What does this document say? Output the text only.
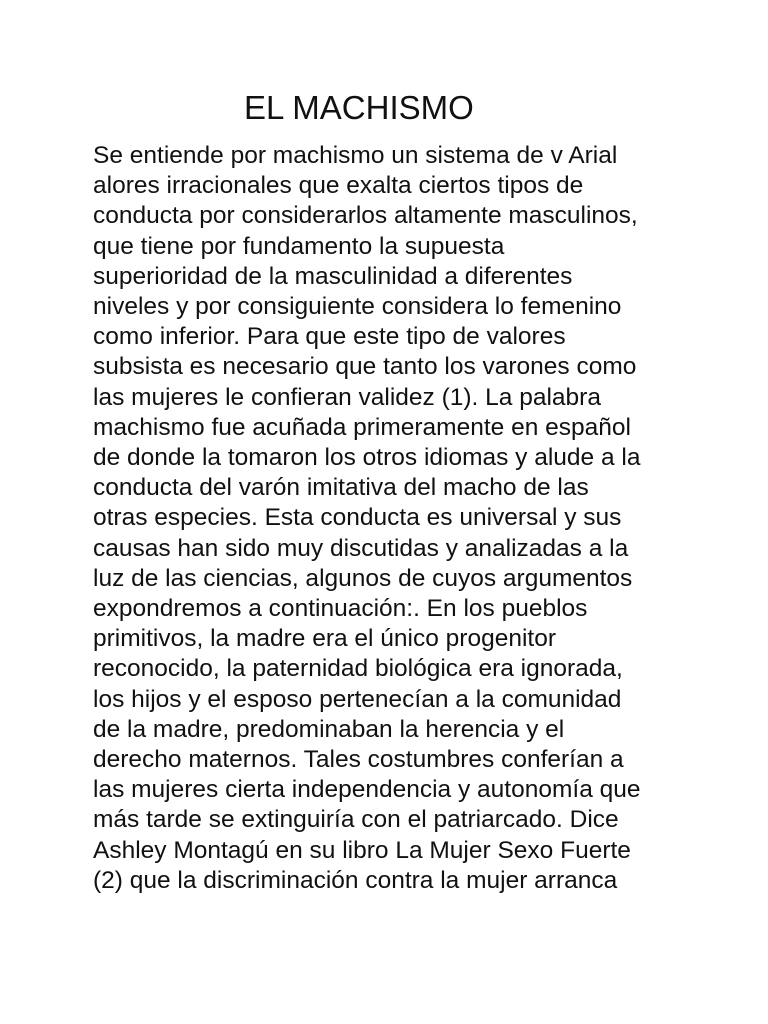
EL MACHISMO
Se entiende por machismo un sistema de v Arial
alores irracionales que exalta ciertos tipos de
conducta por considerarlos altamente masculinos,
que tiene por fundamento la supuesta
superioridad de la masculinidad a diferentes
niveles y por consiguiente considera lo femenino
como inferior. Para que este tipo de valores
subsista es necesario que tanto los varones como
las mujeres le confieran validez (1). La palabra
machismo fue acuñada primeramente en español
de donde la tomaron los otros idiomas y alude a la
conducta del varón imitativa del macho de las
otras especies. Esta conducta es universal y sus
causas han sido muy discutidas y analizadas a la
luz de las ciencias, algunos de cuyos argumentos
expondremos a continuación:. En los pueblos
primitivos, la madre era el único progenitor
reconocido, la paternidad biológica era ignorada,
los hijos y el esposo pertenecían a la comunidad
de la madre, predominaban la herencia y el
derecho maternos. Tales costumbres conferían a
las mujeres cierta independencia y autonomía que
más tarde se extinguiría con el patriarcado. Dice
Ashley Montagú en su libro La Mujer Sexo Fuerte
(2) que la discriminación contra la mujer arranca
